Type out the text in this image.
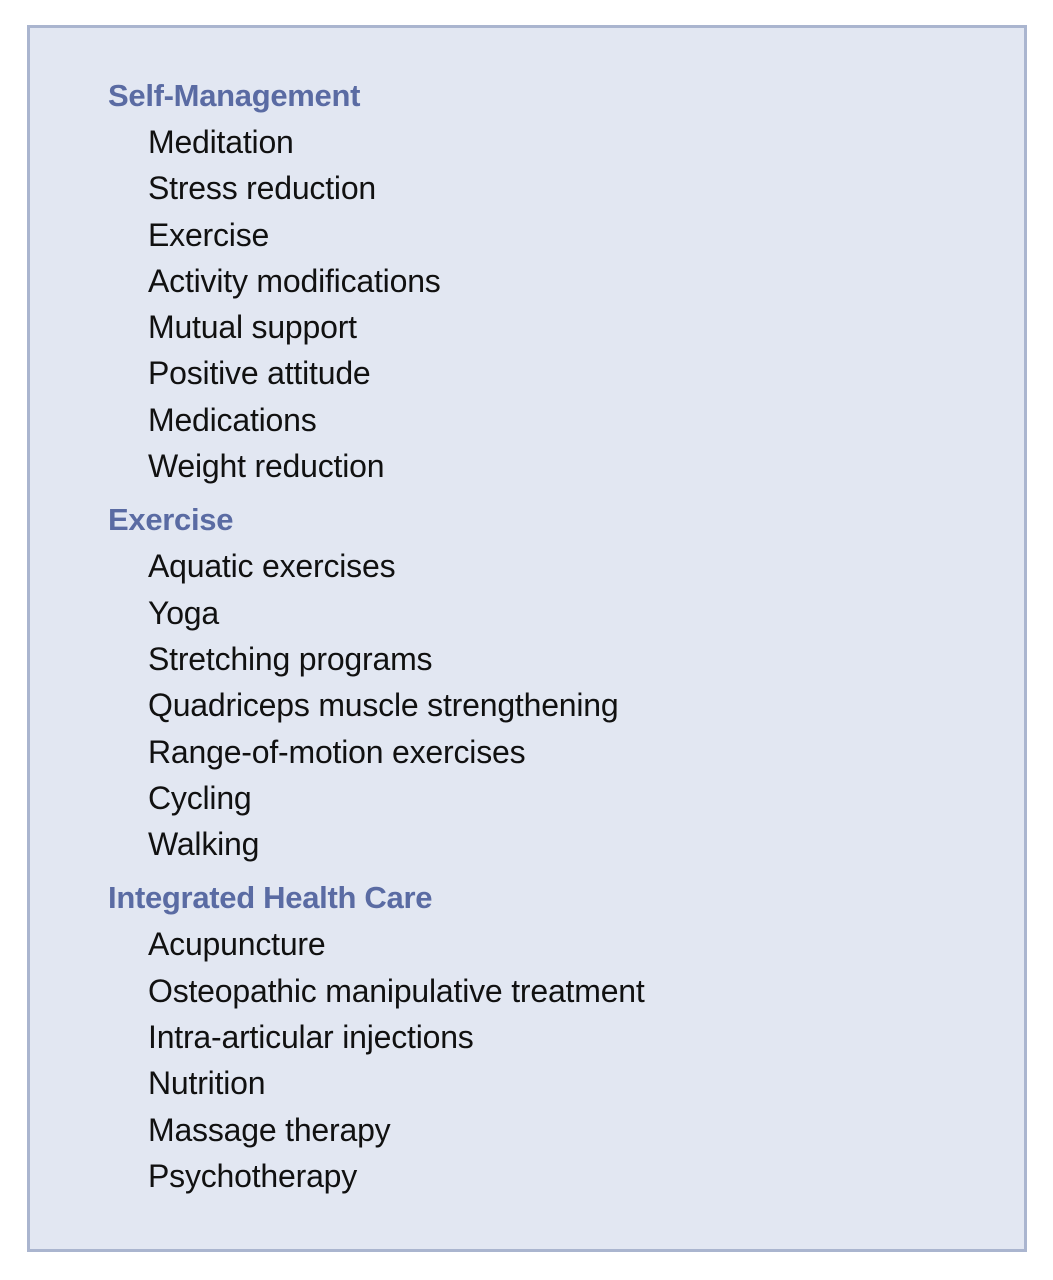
Self-Management
Meditation
Stress reduction
Exercise
Activity modifications
Mutual support
Positive attitude
Medications
Weight reduction
Exercise
Aquatic exercises
Yoga
Stretching programs
Quadriceps muscle strengthening
Range-of-motion exercises
Cycling
Walking
Integrated Health Care
Acupuncture
Osteopathic manipulative treatment
Intra-articular injections
Nutrition
Massage therapy
Psychotherapy
